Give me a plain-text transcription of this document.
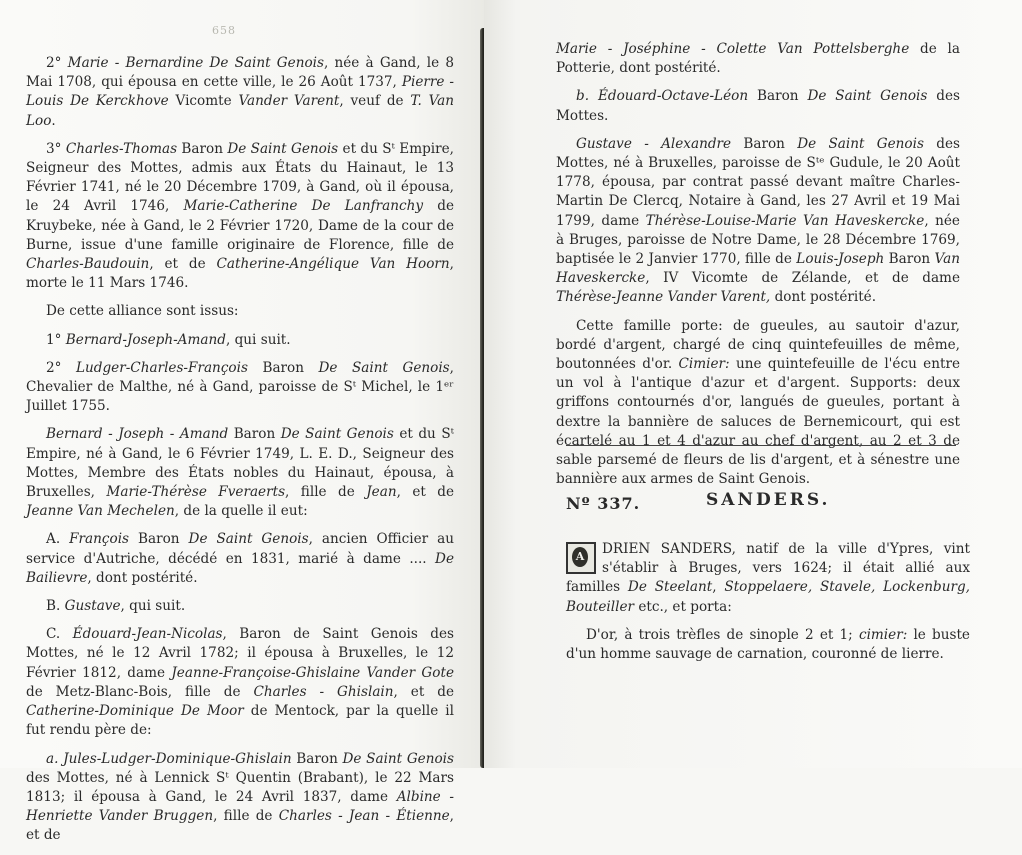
658

2° Marie - Bernardine De Saint Genois, née à Gand, le 8 Mai 1708, qui épousa en cette ville, le 26 Août 1737, Pierre - Louis De Kerckhove Vicomte Vander Varent, veuf de T. Van Loo.

3° Charles-Thomas Baron De Saint Genois et du Sᵗ Empire, Seigneur des Mottes, admis aux États du Hainaut, le 13 Février 1741, né le 20 Décembre 1709, à Gand, où il épousa, le 24 Avril 1746, Marie-Catherine De Lanfranchy de Kruybeke, née à Gand, le 2 Février 1720, Dame de la cour de Burne, issue d'une famille originaire de Florence, fille de Charles-Baudouin, et de Catherine-Angélique Van Hoorn, morte le 11 Mars 1746.

De cette alliance sont issus:

1° Bernard-Joseph-Amand, qui suit.

2° Ludger-Charles-François Baron De Saint Genois, Chevalier de Malthe, né à Gand, paroisse de Sᵗ Michel, le 1ᵉʳ Juillet 1755.

Bernard - Joseph - Amand Baron De Saint Genois et du Sᵗ Empire, né à Gand, le 6 Février 1749, L. E. D., Seigneur des Mottes, Membre des États nobles du Hainaut, épousa, à Bruxelles, Marie-Thérèse Fveraerts, fille de Jean, et de Jeanne Van Mechelen, de la quelle il eut:

A. François Baron De Saint Genois, ancien Officier au service d'Autriche, décédé en 1831, marié à dame .... De Bailievre, dont postérité.

B. Gustave, qui suit.

C. Édouard-Jean-Nicolas, Baron de Saint Genois des Mottes, né le 12 Avril 1782; il épousa à Bruxelles, le 12 Février 1812, dame Jeanne-Françoise-Ghislaine Vander Gote de Metz-Blanc-Bois, fille de Charles - Ghislain, et de Catherine-Dominique De Moor de Mentock, par la quelle il fut rendu père de:

a. Jules-Ludger-Dominique-Ghislain Baron De Saint Genois des Mottes, né à Lennick Sᵗ Quentin (Brabant), le 22 Mars 1813; il épousa à Gand, le 24 Avril 1837, dame Albine - Henriette Vander Bruggen, fille de Charles - Jean - Étienne, et de

Marie - Joséphine - Colette Van Pottelsberghe de la Potterie, dont postérité.

b. Édouard-Octave-Léon Baron De Saint Genois des Mottes.

Gustave - Alexandre Baron De Saint Genois des Mottes, né à Bruxelles, paroisse de Sᵗᵉ Gudule, le 20 Août 1778, épousa, par contrat passé devant maître Charles-Martin De Clercq, Notaire à Gand, les 27 Avril et 19 Mai 1799, dame Thérèse-Louise-Marie Van Haveskercke, née à Bruges, paroisse de Notre Dame, le 28 Décembre 1769, baptisée le 2 Janvier 1770, fille de Louis-Joseph Baron Van Haveskercke, IV Vicomte de Zélande, et de dame Thérèse-Jeanne Vander Varent, dont postérité.

Cette famille porte: de gueules, au sautoir d'azur, bordé d'argent, chargé de cinq quintefeuilles de même, boutonnées d'or. Cimier: une quintefeuille de l'écu entre un vol à l'antique d'azur et d'argent. Supports: deux griffons contournés d'or, langués de gueules, portant à dextre la bannière de saluces de Bernemicourt, qui est écartelé au 1 et 4 d'azur au chef d'argent, au 2 et 3 de sable parsemé de fleurs de lis d'argent, et à sénestre une bannière aux armes de Saint Genois.

Nº 337.	SANDERS.

A DRIEN SANDERS, natif de la ville d'Ypres, vint s'établir à Bruges, vers 1624; il était allié aux familles De Steelant, Stoppelaere, Stavele, Lockenburg, Bouteiller etc., et porta:

D'or, à trois trèfles de sinople 2 et 1; cimier: le buste d'un homme sauvage de carnation, couronné de lierre.
